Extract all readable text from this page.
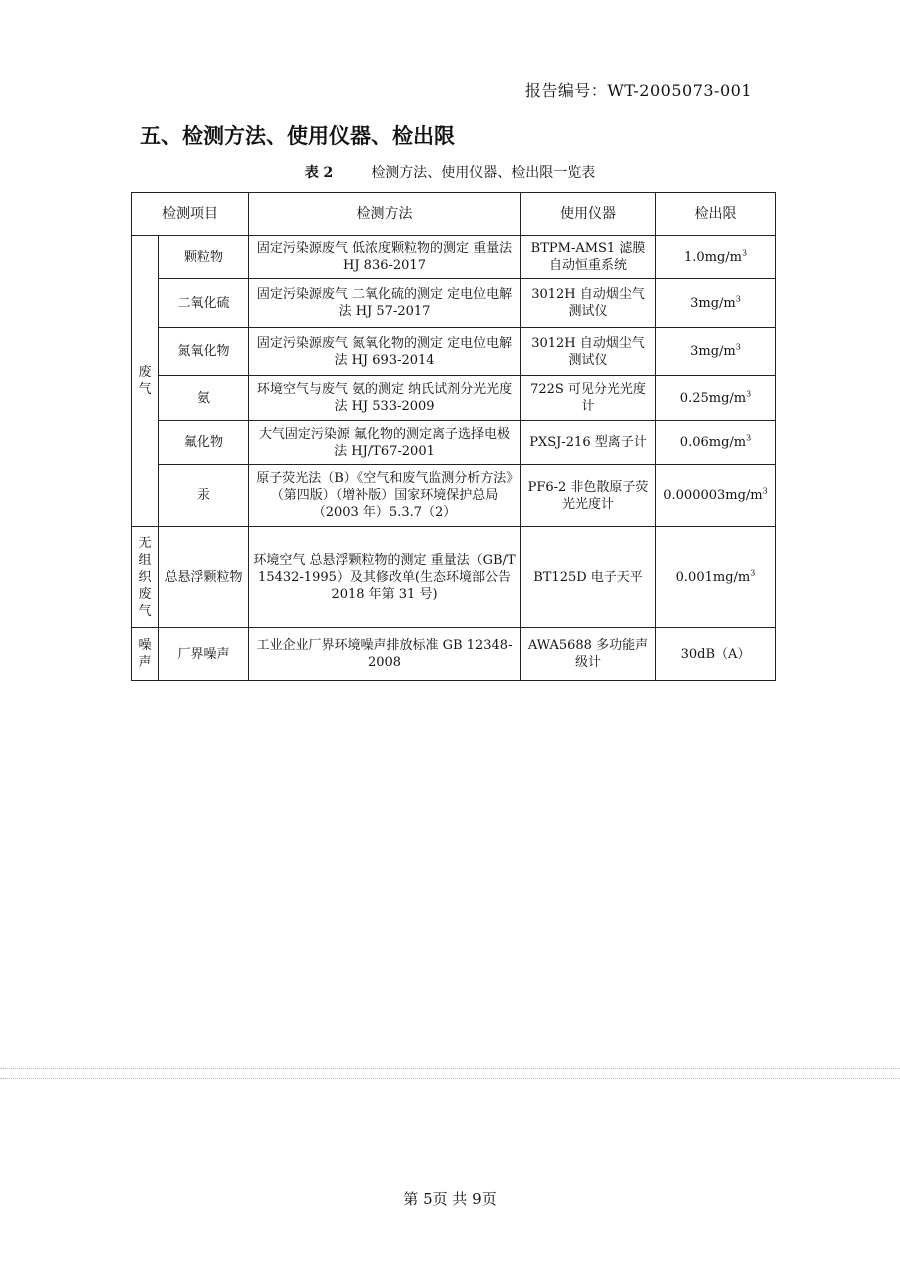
报告编号：WT-2005073-001
五、检测方法、使用仪器、检出限
表 2	检测方法、使用仪器、检出限一览表
检测项目		检测方法	使用仪器	检出限
废气	颗粒物	固定污染源废气 低浓度颗粒物的测定 重量法 HJ 836-2017	BTPM-AMS1 滤膜自动恒重系统	$1.0mg/m^3$
	二氧化硫	固定污染源废气 二氧化硫的测定 定电位电解法 HJ 57-2017	3012H 自动烟尘气测试仪	$3mg/m^3$
	氮氧化物	固定污染源废气 氮氧化物的测定 定电位电解法 HJ 693-2014	3012H 自动烟尘气测试仪	$3mg/m^3$
	氨	环境空气与废气 氨的测定 纳氏试剂分光光度法 HJ 533-2009	722S 可见分光光度计	$0.25mg/m^3$
	氟化物	大气固定污染源 氟化物的测定离子选择电极法 HJ/T67-2001	PXSJ-216 型离子计	$0.06mg/m^3$
	汞	原子荧光法（B）《空气和废气监测分析方法》（第四版）（增补版）国家环境保护总局（2003 年）5.3.7（2）	PF6-2 非色散原子荧光光度计	$0.000003mg/m^3$
无组织废气	总悬浮颗粒物	环境空气 总悬浮颗粒物的测定 重量法（GB/T 15432-1995）及其修改单(生态环境部公告 2018 年第 31 号)	BT125D 电子天平	$0.001mg/m^3$
噪声	厂界噪声	工业企业厂界环境噪声排放标准 GB 12348-2008	AWA5688 多功能声级计	30dB（A）
第 5页 共 9页
